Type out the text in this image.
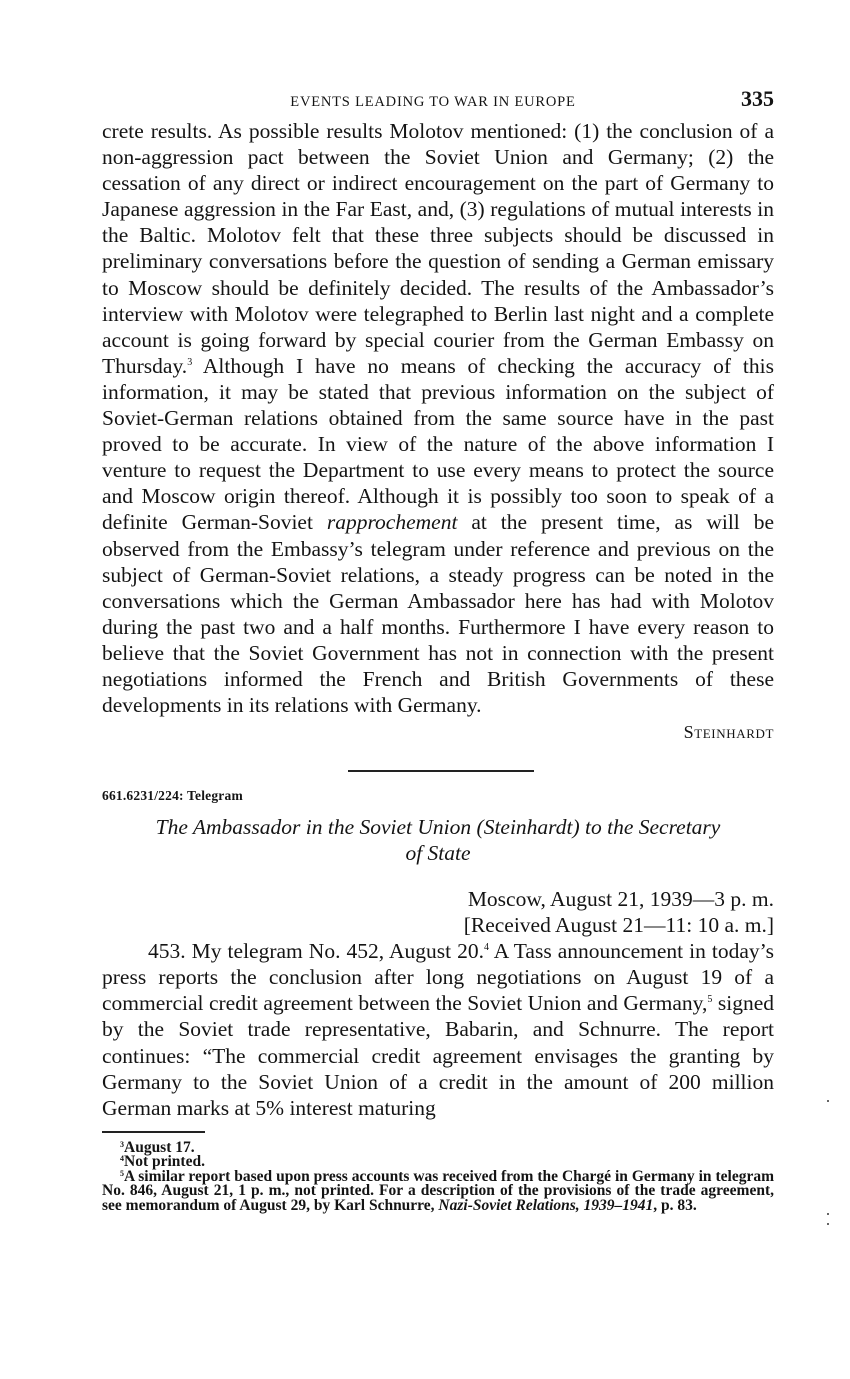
EVENTS LEADING TO WAR IN EUROPE	335

crete results. As possible results Molotov mentioned: (1) the conclusion of a non-aggression pact between the Soviet Union and Germany; (2) the cessation of any direct or indirect encouragement on the part of Germany to Japanese aggression in the Far East, and, (3) regulations of mutual interests in the Baltic. Molotov felt that these three subjects should be discussed in preliminary conversations before the question of sending a German emissary to Moscow should be definitely decided. The results of the Ambassador’s interview with Molotov were telegraphed to Berlin last night and a complete account is going forward by special courier from the German Embassy on Thursday.$^3$ Although I have no means of checking the accuracy of this information, it may be stated that previous information on the subject of Soviet-German relations obtained from the same source have in the past proved to be accurate. In view of the nature of the above information I venture to request the Department to use every means to protect the source and Moscow origin thereof. Although it is possibly too soon to speak of a definite German-Soviet rapprochement at the present time, as will be observed from the Embassy’s telegram under reference and previous on the subject of German-Soviet relations, a steady progress can be noted in the conversations which the German Ambassador here has had with Molotov during the past two and a half months. Furthermore I have every reason to believe that the Soviet Government has not in connection with the present negotiations informed the French and British Governments of these developments in its relations with Germany.

Steinhardt
661.6231/224: Telegram
The Ambassador in the Soviet Union (Steinhardt) to the Secretary
of State
Moscow, August 21, 1939—3 p. m.
[Received August 21—11: 10 a. m.]

453. My telegram No. 452, August 20.$^4$ A Tass announcement in today’s press reports the conclusion after long negotiations on August 19 of a commercial credit agreement between the Soviet Union and Germany,$^5$ signed by the Soviet trade representative, Babarin, and Schnurre. The report continues: “The commercial credit agreement envisages the granting by Germany to the Soviet Union of a credit in the amount of 200 million German marks at 5% interest maturing

$^3$August 17.

$^4$Not printed.

$^5$A similar report based upon press accounts was received from the Chargé in Germany in telegram No. 846, August 21, 1 p. m., not printed. For a description of the provisions of the trade agreement, see memorandum of August 29, by Karl Schnurre, Nazi-Soviet Relations, 1939–1941, p. 83.
